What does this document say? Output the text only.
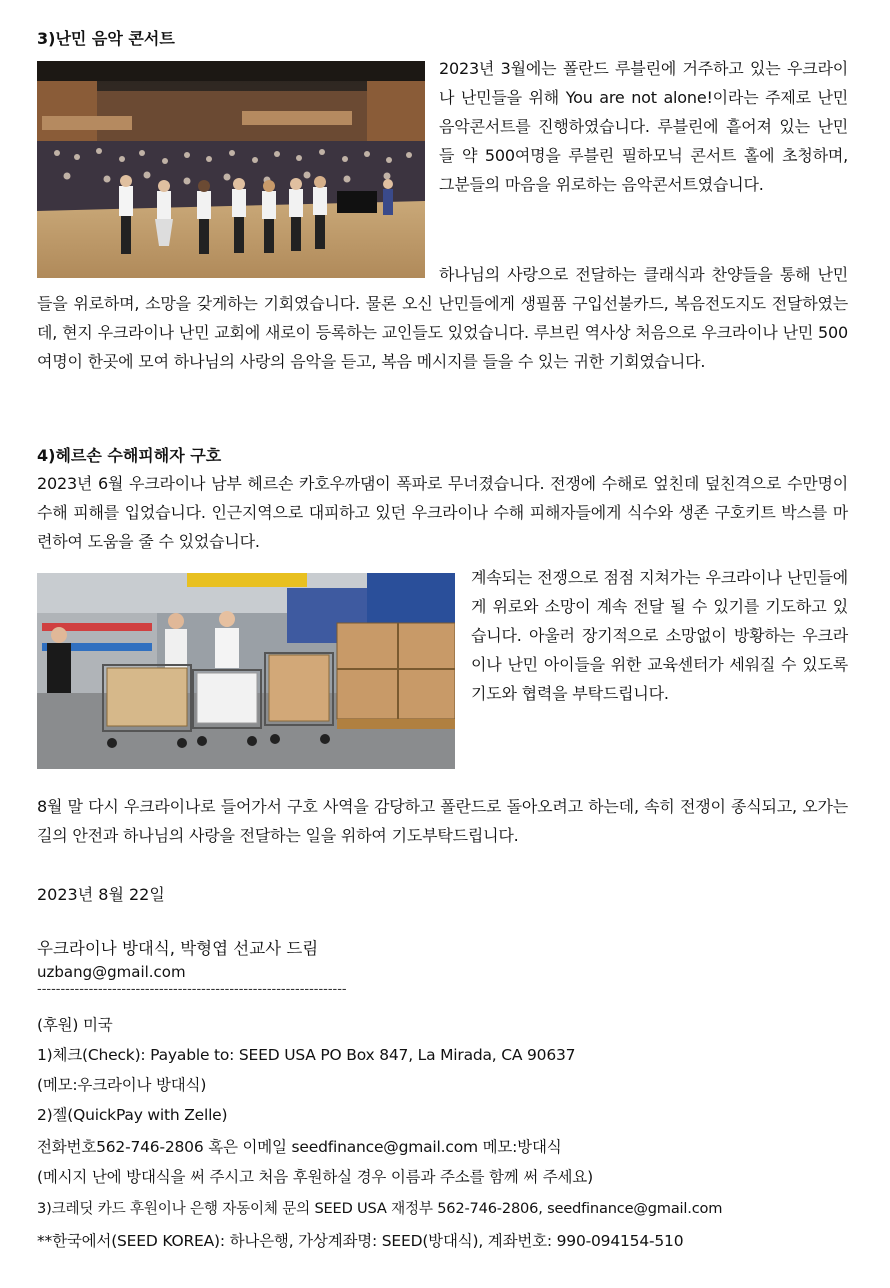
3)난민 음악 콘서트
2023년 3월에는 폴란드 루블린에 거주하고 있는 우크라이나 난민들을 위해 You are not alone!이라는 주제로 난민음악콘서트를 진행하였습니다. 루블린에 흩어져 있는 난민들 약 500여명을 루블린 필하모닉 콘서트 홀에 초청하며, 그분들의 마음을 위로하는 음악콘서트였습니다.
하나님의 사랑으로 전달하는 클래식과 찬양들을 통해 난민들을 위로하며, 소망을 갖게하는 기회였습니다. 물론 오신 난민들에게 생필품 구입선불카드, 복음전도지도 전달하였는데, 현지 우크라이나 난민 교회에 새로이 등록하는 교인들도 있었습니다. 루브린 역사상 처음으로 우크라이나 난민 500여명이 한곳에 모여 하나님의 사랑의 음악을 듣고, 복음 메시지를 들을 수 있는 귀한 기회였습니다.
4)헤르손 수해피해자 구호
2023년 6월 우크라이나 남부 헤르손 카호우까댐이 폭파로 무너졌습니다. 전쟁에 수해로 엎친데 덮친격으로 수만명이 수해 피해를 입었습니다. 인근지역으로 대피하고 있던 우크라이나 수해 피해자들에게 식수와 생존 구호키트 박스를 마련하여 도움을 줄 수 있었습니다.
계속되는 전쟁으로 점점 지쳐가는 우크라이나 난민들에게 위로와 소망이 계속 전달 될 수 있기를 기도하고 있습니다. 아울러 장기적으로 소망없이 방황하는 우크라이나 난민 아이들을 위한 교육센터가 세워질 수 있도록 기도와 협력을 부탁드립니다.
8월 말 다시 우크라이나로 들어가서 구호 사역을 감당하고 폴란드로 돌아오려고 하는데, 속히 전쟁이 종식되고, 오가는 길의 안전과 하나님의 사랑을 전달하는 일을 위하여 기도부탁드립니다.
2023년 8월 22일
우크라이나 방대식, 박형엽 선교사 드림
uzbang@gmail.com
------------------------------------------------------------------
(후원) 미국
1)체크(Check): Payable to: SEED USA PO Box 847, La Mirada, CA 90637
(메모:우크라이나 방대식)
2)젤(QuickPay with Zelle)
전화번호562-746-2806 혹은 이메일 seedfinance@gmail.com 메모:방대식
(메시지 난에 방대식을 써 주시고 처음 후원하실 경우 이름과 주소를 함께 써 주세요)
3)크레딧 카드 후원이나 은행 자동이체 문의 SEED USA 재정부 562-746-2806, seedfinance@gmail.com
**한국에서(SEED KOREA): 하나은행, 가상계좌명: SEED(방대식), 계좌번호: 990-094154-510
